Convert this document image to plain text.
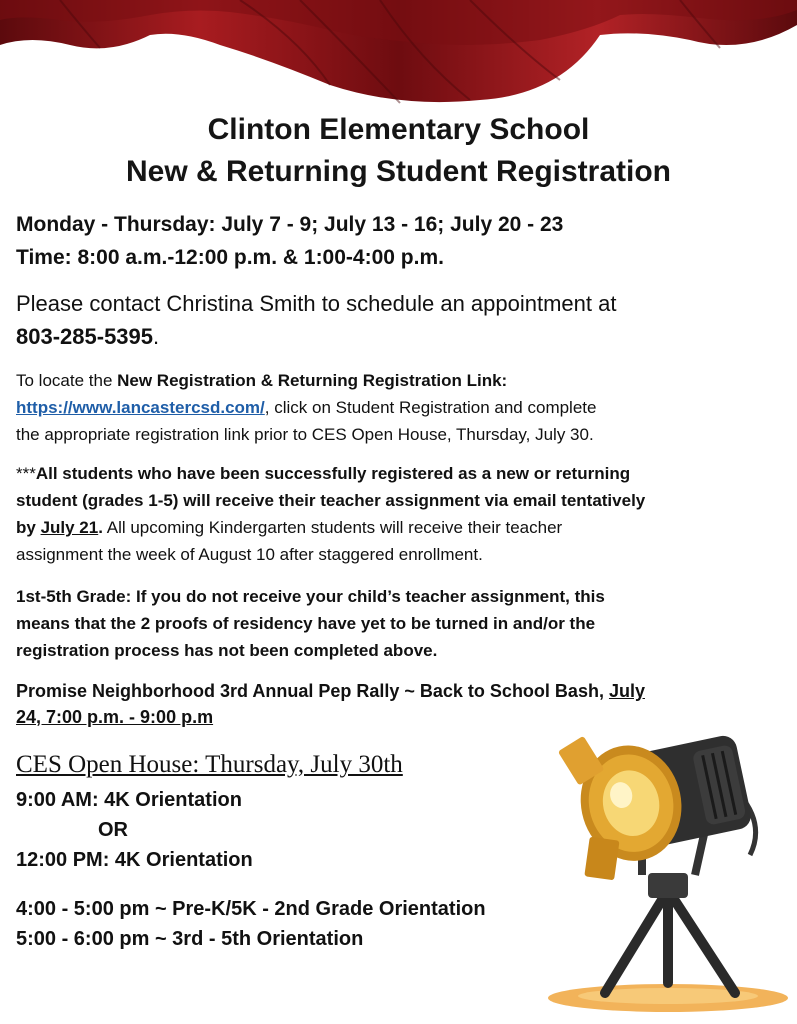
Clinton Elementary School
New & Returning Student Registration
Monday - Thursday: July 7 - 9; July 13 - 16; July 20 - 23
Time: 8:00 a.m.-12:00 p.m. & 1:00-4:00 p.m.
Please contact Christina Smith to schedule an appointment at
803-285-5395.
To locate the New Registration & Returning Registration Link:
https://www.lancastercsd.com/, click on Student Registration and complete
the appropriate registration link prior to CES Open House, Thursday, July 30.
***All students who have been successfully registered as a new or returning
student (grades 1-5) will receive their teacher assignment via email tentatively
by July 21. All upcoming Kindergarten students will receive their teacher
assignment the week of August 10 after staggered enrollment.
1st-5th Grade: If you do not receive your child’s teacher assignment, this
means that the 2 proofs of residency have yet to be turned in and/or the
registration process has not been completed above.
Promise Neighborhood 3rd Annual Pep Rally ~ Back to School Bash, July
24, 7:00 p.m. - 9:00 p.m
CES Open House: Thursday, July 30th
9:00 AM: 4K Orientation
OR
12:00 PM: 4K Orientation
4:00 - 5:00 pm ~ Pre-K/5K - 2nd Grade Orientation
5:00 - 6:00 pm ~ 3rd - 5th Orientation
